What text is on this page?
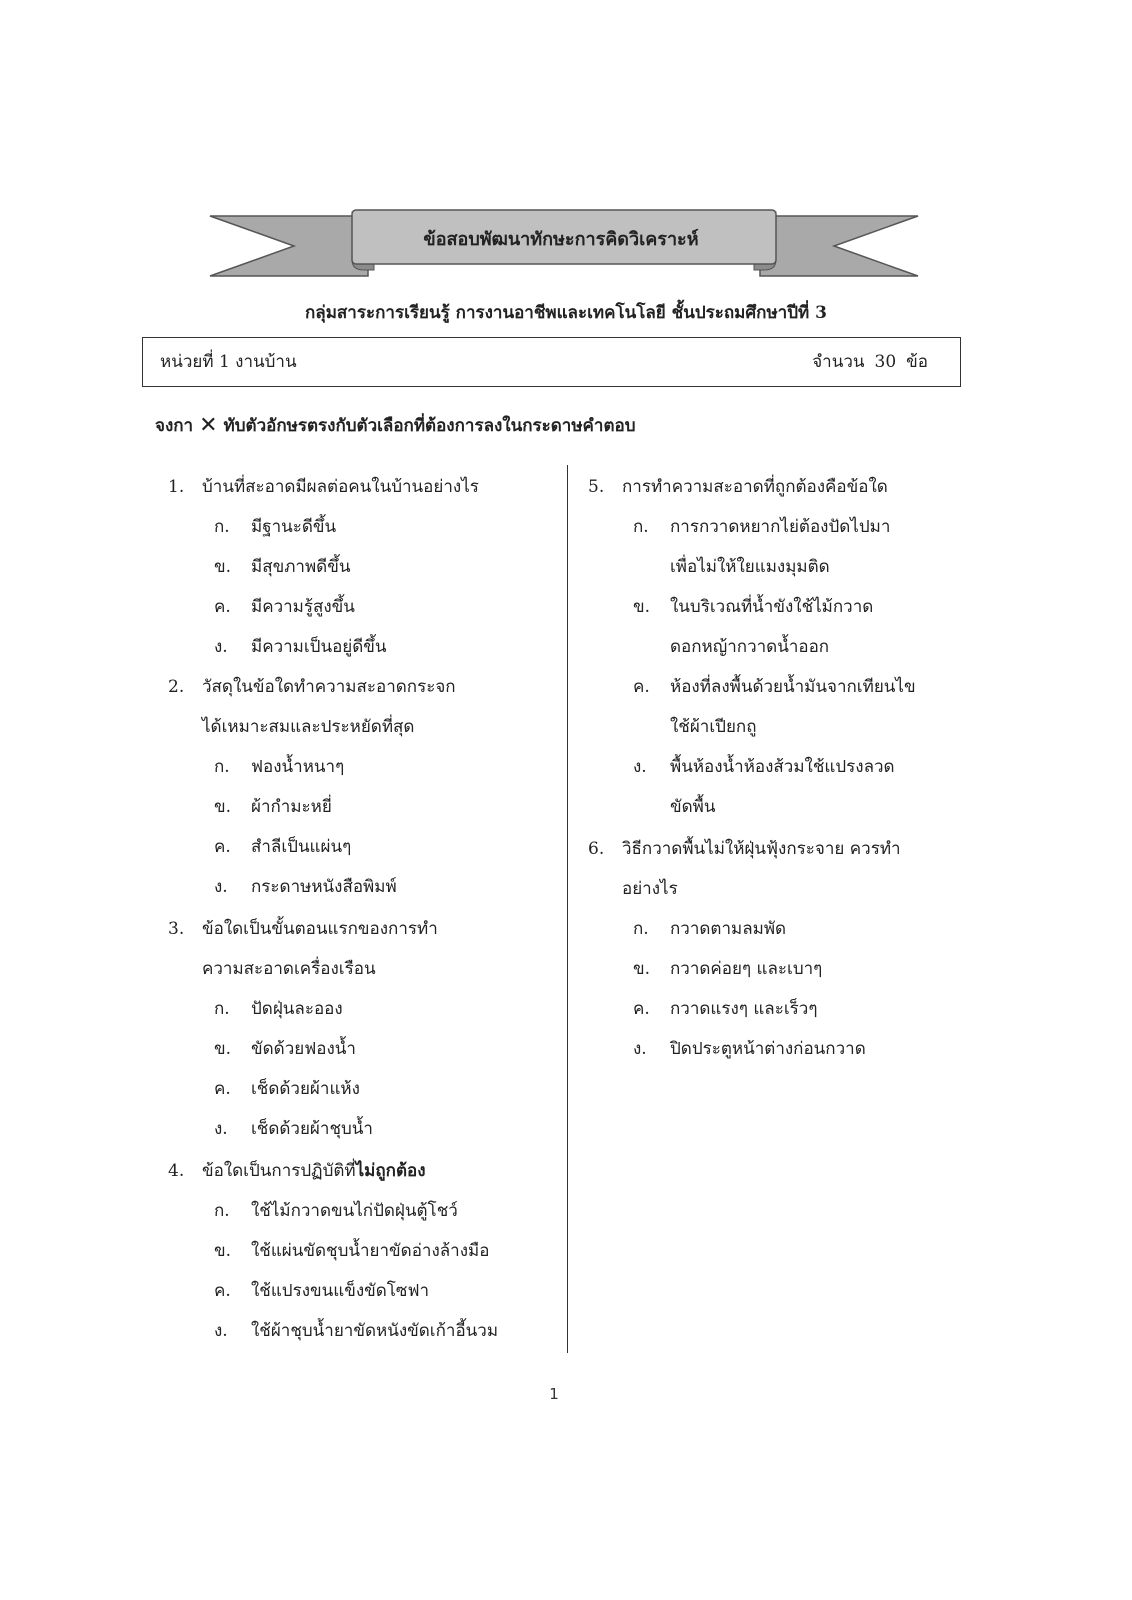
ข้อสอบพัฒนาทักษะการคิดวิเคราะห์
กลุ่มสาระการเรียนรู้ การงานอาชีพและเทคโนโลยี ชั้นประถมศึกษาปีที่ 3
หน่วยที่ 1 งานบ้าน	จำนวน 30 ข้อ
จงกา ✕ ทับตัวอักษรตรงกับตัวเลือกที่ต้องการลงในกระดาษคำตอบ
1. บ้านที่สะอาดมีผลต่อคนในบ้านอย่างไร
ก. มีฐานะดีขึ้น
ข. มีสุขภาพดีขึ้น
ค. มีความรู้สูงขึ้น
ง. มีความเป็นอยู่ดีขึ้น
2. วัสดุในข้อใดทำความสะอาดกระจก
ได้เหมาะสมและประหยัดที่สุด
ก. ฟองน้ำหนาๆ
ข. ผ้ากำมะหยี่
ค. สำลีเป็นแผ่นๆ
ง. กระดาษหนังสือพิมพ์
3. ข้อใดเป็นขั้นตอนแรกของการทำ
ความสะอาดเครื่องเรือน
ก. ปัดฝุ่นละออง
ข. ขัดด้วยฟองน้ำ
ค. เช็ดด้วยผ้าแห้ง
ง. เช็ดด้วยผ้าชุบน้ำ
4. ข้อใดเป็นการปฏิบัติที่ไม่ถูกต้อง
ก. ใช้ไม้กวาดขนไก่ปัดฝุ่นตู้โชว์
ข. ใช้แผ่นขัดชุบน้ำยาขัดอ่างล้างมือ
ค. ใช้แปรงขนแข็งขัดโซฟา
ง. ใช้ผ้าชุบน้ำยาขัดหนังขัดเก้าอี้นวม
5. การทำความสะอาดที่ถูกต้องคือข้อใด
ก. การกวาดหยากไย่ต้องปัดไปมา
เพื่อไม่ให้ใยแมงมุมติด
ข. ในบริเวณที่น้ำขังใช้ไม้กวาด
ดอกหญ้ากวาดน้ำออก
ค. ห้องที่ลงพื้นด้วยน้ำมันจากเทียนไข
ใช้ผ้าเปียกถู
ง. พื้นห้องน้ำห้องส้วมใช้แปรงลวด
ขัดพื้น
6. วิธีกวาดพื้นไม่ให้ฝุ่นฟุ้งกระจาย ควรทำ
อย่างไร
ก. กวาดตามลมพัด
ข. กวาดค่อยๆ และเบาๆ
ค. กวาดแรงๆ และเร็วๆ
ง. ปิดประตูหน้าต่างก่อนกวาด
1
